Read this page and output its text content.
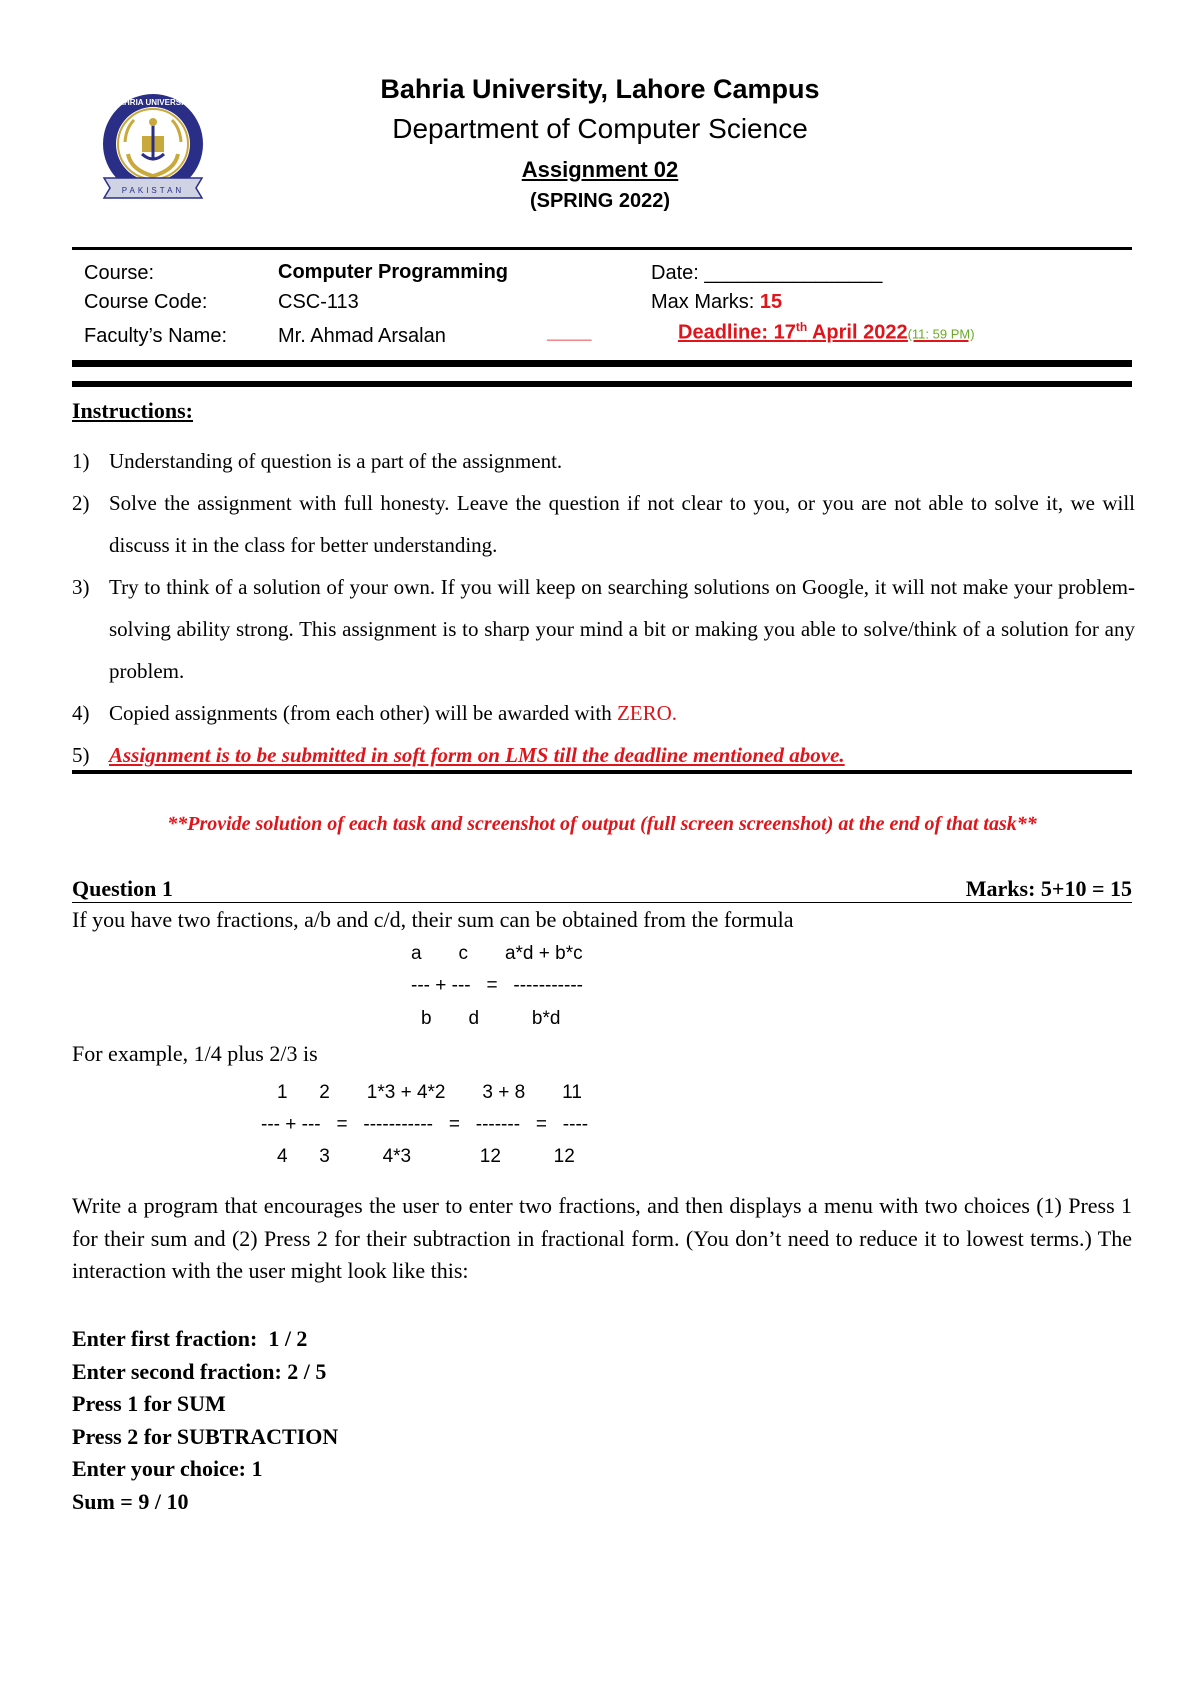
PAKISTAN
BAHRIA UNIVERSITY	Bahria University, Lahore Campus
Department of Computer Science
Assignment 02
(SPRING 2022)
Course:	Computer Programming	Date: ________________
Course Code:	CSC-113	Max Marks: 15
Faculty’s Name:	Mr. Ahmad Arsalan	____	Deadline: 17th April 2022(11: 59 PM)
Instructions:
1) Understanding of question is a part of the assignment.
2) Solve the assignment with full honesty. Leave the question if not clear to you, or you are not able to solve it, we will discuss it in the class for better understanding.
3) Try to think of a solution of your own. If you will keep on searching solutions on Google, it will not make your problem-solving ability strong. This assignment is to sharp your mind a bit or making you able to solve/think of a solution for any problem.
4) Copied assignments (from each other) will be awarded with ZERO.
5) Assignment is to be submitted in soft form on LMS till the deadline mentioned above.
**Provide solution of each task and screenshot of output (full screen screenshot) at the end of that task**
Question 1	Marks: 5+10 = 15
If you have two fractions, a/b and c/d, their sum can be obtained from the formula
a       c       a*d + b*c
--- + ---   =   -----------
b       d          b*d
For example, 1/4 plus 2/3 is
1      2       1*3 + 4*2       3 + 8       11
--- + ---   =   -----------   =   -------   =   ----
4      3          4*3             12          12
Write a program that encourages the user to enter two fractions, and then displays a menu with two choices (1) Press 1 for their sum and (2) Press 2 for their subtraction in fractional form. (You don’t need to reduce it to lowest terms.) The interaction with the user might look like this:
Enter first fraction:  1 / 2
Enter second fraction: 2 / 5
Press 1 for SUM
Press 2 for SUBTRACTION
Enter your choice: 1
Sum = 9 / 10
